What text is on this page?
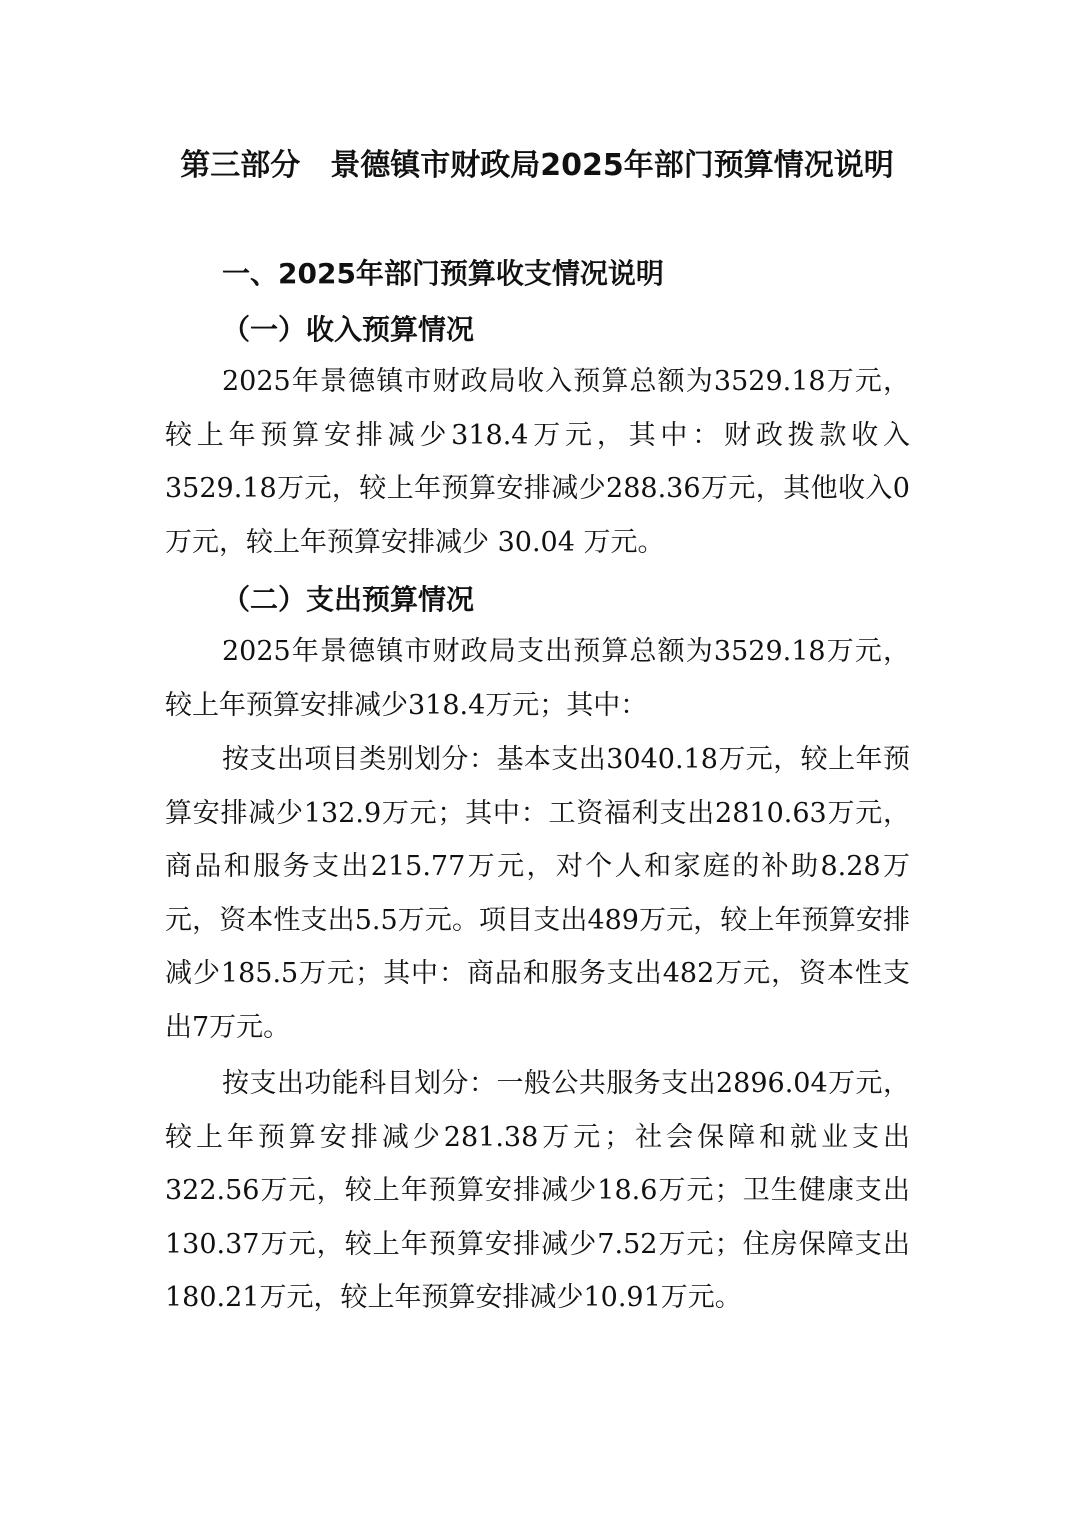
第三部分　景德镇市财政局2025年部门预算情况说明
一、2025年部门预算收支情况说明
（一）收入预算情况

2025年景德镇市财政局收入预算总额为3529.18万元，较上年预算安排减少318.4万元，其中：财政拨款收入3529.18万元，较上年预算安排减少288.36万元，其他收入0万元，较上年预算安排减少 30.04 万元。

（二）支出预算情况

2025年景德镇市财政局支出预算总额为3529.18万元，较上年预算安排减少318.4万元；其中：

按支出项目类别划分：基本支出3040.18万元，较上年预算安排减少132.9万元；其中：工资福利支出2810.63万元，商品和服务支出215.77万元，对个人和家庭的补助8.28万元，资本性支出5.5万元。项目支出489万元，较上年预算安排减少185.5万元；其中：商品和服务支出482万元，资本性支出7万元。

按支出功能科目划分：一般公共服务支出2896.04万元，较上年预算安排减少281.38万元；社会保障和就业支出322.56万元，较上年预算安排减少18.6万元；卫生健康支出130.37万元，较上年预算安排减少7.52万元；住房保障支出180.21万元，较上年预算安排减少10.91万元。
